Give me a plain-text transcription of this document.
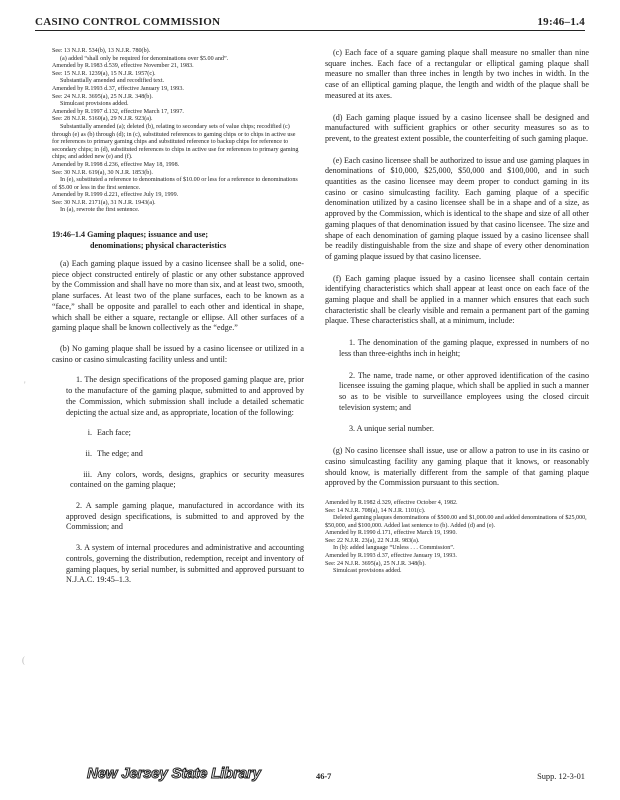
CASINO CONTROL COMMISSION	19:46–1.4

See: 13 N.J.R. 534(b), 13 N.J.R. 780(b).

(a) added “shall only be required for denominations over $5.00 and”.

Amended by R.1983 d.539, effective November 21, 1983.

See: 15 N.J.R. 1239(a), 15 N.J.R. 1957(c).

Substantially amended and recodified text.

Amended by R.1993 d.37, effective January 19, 1993.

See: 24 N.J.R. 3695(a), 25 N.J.R. 348(b).

Simulcast provisions added.

Amended by R.1997 d.132, effective March 17, 1997.

See: 28 N.J.R. 5160(a), 29 N.J.R. 923(a).

Substantially amended (a); deleted (b), relating to secondary sets of value chips; recodified (c) through (e) as (b) through (d); in (c), substituted references to gaming chips or to chips in active use for references to primary gaming chips and substituted reference to backup chips for reference to secondary chips; in (d), substituted references to chips in active use for references to primary gaming chips; and added new (e) and (f).

Amended by R.1998 d.236, effective May 18, 1998.

See: 30 N.J.R. 619(a), 30 N.J.R. 1853(b).

In (e), substituted a reference to denominations of $10.00 or less for a reference to denominations of $5.00 or less in the first sentence.

Amended by R.1999 d.221, effective July 19, 1999.

See: 30 N.J.R. 2171(a), 31 N.J.R. 1943(a).

In (a), rewrote the first sentence.

19:46–1.4 Gaming plaques; issuance and use;
denominations; physical characteristics

(a) Each gaming plaque issued by a casino licensee shall be a solid, one-piece object constructed entirely of plastic or any other substance approved by the Commission and shall have no more than six, and at least two, smooth, plane surfaces. At least two of the plane surfaces, each to be known as a “face,” shall be opposite and parallel to each other and identical in shape, which shall be either a square, rectangle or ellipse. All other surfaces of a gaming plaque shall be known collectively as the “edge.”

(b) No gaming plaque shall be issued by a casino licensee or utilized in a casino or casino simulcasting facility unless and until:

1. The design specifications of the proposed gaming plaque are, prior to the manufacture of the gaming plaque, submitted to and approved by the Commission, which submission shall include a detailed schematic depicting the actual size and, as appropriate, location of the following:

i. Each face;

ii. The edge; and

iii. Any colors, words, designs, graphics or security measures contained on the gaming plaque;

2. A sample gaming plaque, manufactured in accordance with its approved design specifications, is submitted to and approved by the Commission; and

3. A system of internal procedures and administrative and accounting controls, governing the distribution, redemption, receipt and inventory of gaming plaques, by serial number, is submitted and approved pursuant to N.J.A.C. 19:45–1.3.

(c) Each face of a square gaming plaque shall measure no smaller than nine square inches. Each face of a rectangular or elliptical gaming plaque shall measure no smaller than three inches in length by two inches in width. In the case of an elliptical gaming plaque, the length and width of the plaque shall be measured at its axes.

(d) Each gaming plaque issued by a casino licensee shall be designed and manufactured with sufficient graphics or other security measures so as to prevent, to the greatest extent possible, the counterfeiting of such gaming plaque.

(e) Each casino licensee shall be authorized to issue and use gaming plaques in denominations of $10,000, $25,000, $50,000 and $100,000, and in such quantities as the casino licensee may deem proper to conduct gaming in its casino or casino simulcasting facility. Each gaming plaque of a specific denomination utilized by a casino licensee shall be in a shape and of a size, as approved by the Commission, which is identical to the shape and size of all other gaming plaques of that denomination issued by that casino licensee. The size and shape of each denomination of gaming plaque issued by a casino licensee shall be readily distinguishable from the size and shape of every other denomination of gaming plaque issued by that casino licensee.

(f) Each gaming plaque issued by a casino licensee shall contain certain identifying characteristics which shall appear at least once on each face of the gaming plaque and shall be applied in a manner which ensures that each such characteristic shall be clearly visible and remain a permanent part of the gaming plaque. These characteristics shall, at a minimum, include:

1. The denomination of the gaming plaque, expressed in numbers of no less than three-eighths inch in height;

2. The name, trade name, or other approved identification of the casino licensee issuing the gaming plaque, which shall be applied in such a manner so as to be visible to surveillance employees using the closed circuit television system; and

3. A unique serial number.

(g) No casino licensee shall issue, use or allow a patron to use in its casino or casino simulcasting facility any gaming plaque that it knows, or reasonably should know, is materially different from the sample of that gaming plaque approved by the Commission pursuant to this section.

Amended by R.1982 d.329, effective October 4, 1982.

See: 14 N.J.R. 708(a), 14 N.J.R. 1101(c).

Deleted gaming plaques denominations of $500.00 and $1,000.00 and added denominations of $25,000, $50,000, and $100,000. Added last sentence to (b). Added (d) and (e).

Amended by R.1990 d.171, effective March 19, 1990.

See: 22 N.J.R. 23(a), 22 N.J.R. 983(a).

In (b): added language “Unless . . . Commission”.

Amended by R.1993 d.37, effective January 19, 1993.

See: 24 N.J.R. 3695(a), 25 N.J.R. 348(b).

Simulcast provisions added.

'
(
New Jersey State Library	46-7	Supp. 12-3-01
